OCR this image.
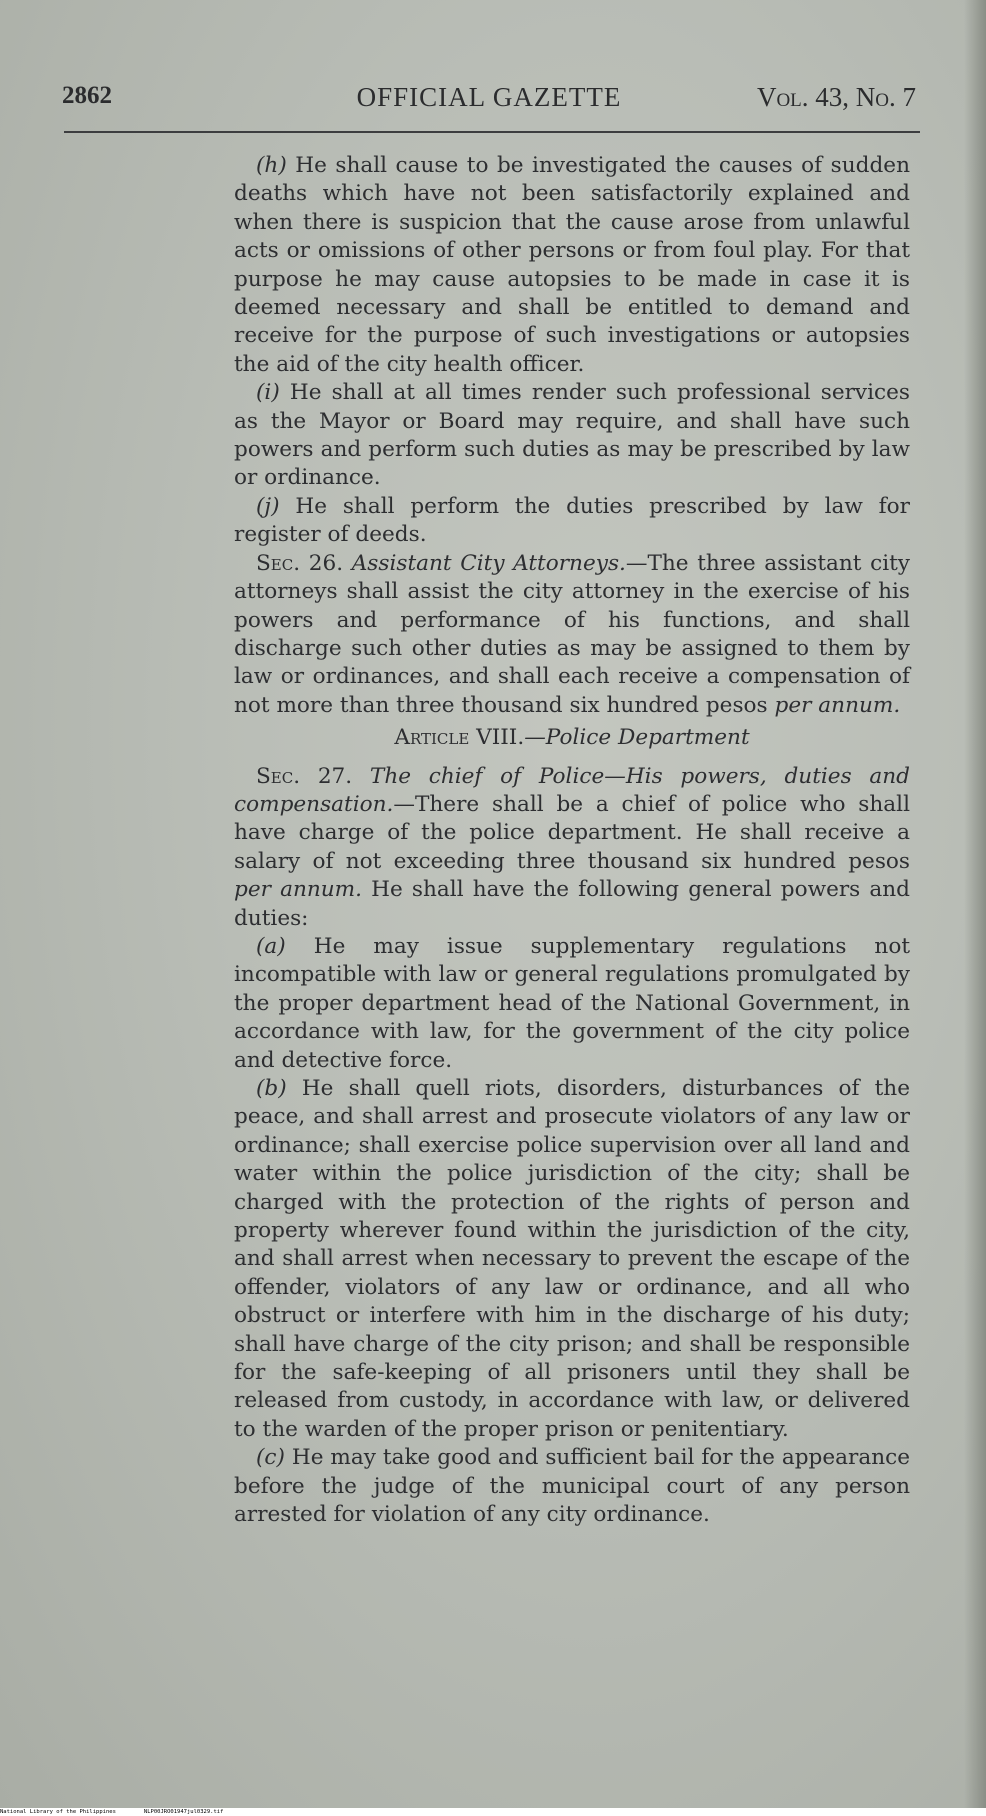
2862	OFFICIAL GAZETTE	Vol. 43, No. 7

(h) He shall cause to be investigated the causes of sudden deaths which have not been satisfactorily explained and when there is suspicion that the cause arose from unlawful acts or omissions of other persons or from foul play. For that purpose he may cause autopsies to be made in case it is deemed necessary and shall be entitled to demand and receive for the purpose of such investigations or autopsies the aid of the city health officer.

(i) He shall at all times render such professional services as the Mayor or Board may require, and shall have such powers and perform such duties as may be prescribed by law or ordinance.

(j) He shall perform the duties prescribed by law for register of deeds.

Sec. 26. Assistant City Attorneys.—The three assistant city attorneys shall assist the city attorney in the exercise of his powers and performance of his functions, and shall discharge such other duties as may be assigned to them by law or ordinances, and shall each receive a compensation of not more than three thousand six hundred pesos per annum.

Article VIII.—Police Department

Sec. 27. The chief of Police—His powers, duties and compensation.—There shall be a chief of police who shall have charge of the police department. He shall receive a salary of not exceeding three thousand six hundred pesos per annum. He shall have the following general powers and duties:

(a) He may issue supplementary regulations not incompatible with law or general regulations promulgated by the proper department head of the National Government, in accordance with law, for the government of the city police and detective force.

(b) He shall quell riots, disorders, disturbances of the peace, and shall arrest and prosecute violators of any law or ordinance; shall exercise police supervision over all land and water within the police jurisdiction of the city; shall be charged with the protection of the rights of person and property wherever found within the jurisdiction of the city, and shall arrest when necessary to prevent the escape of the offender, violators of any law or ordinance, and all who obstruct or interfere with him in the discharge of his duty; shall have charge of the city prison; and shall be responsible for the safe-keeping of all prisoners until they shall be released from custody, in accordance with law, or delivered to the warden of the proper prison or penitentiary.

(c) He may take good and sufficient bail for the appearance before the judge of the municipal court of any person arrested for violation of any city ordinance.

National Library of the Philippines	NLP00JRO01947jul0329.tif
